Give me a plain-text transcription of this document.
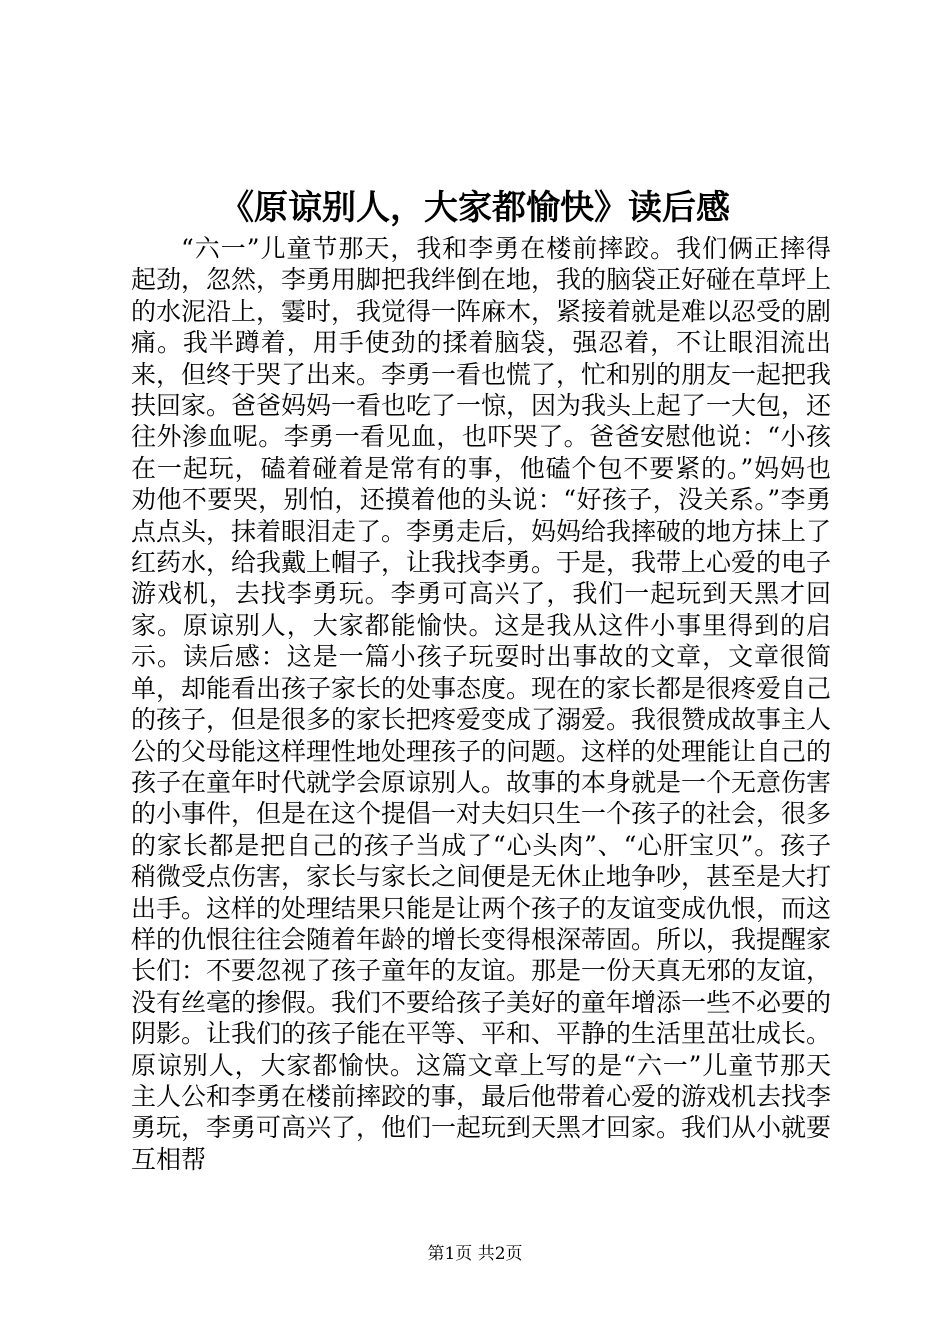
《原谅别人，大家都愉快》读后感

“六一”儿童节那天，我和李勇在楼前摔跤。我们俩正摔得起劲，忽然，李勇用脚把我绊倒在地，我的脑袋正好碰在草坪上的水泥沿上，霎时，我觉得一阵麻木，紧接着就是难以忍受的剧痛。我半蹲着，用手使劲的揉着脑袋，强忍着，不让眼泪流出来，但终于哭了出来。李勇一看也慌了，忙和别的朋友一起把我扶回家。爸爸妈妈一看也吃了一惊，因为我头上起了一大包，还往外渗血呢。李勇一看见血，也吓哭了。爸爸安慰他说：“小孩在一起玩，磕着碰着是常有的事，他磕个包不要紧的。”妈妈也劝他不要哭，别怕，还摸着他的头说：“好孩子，没关系。”李勇点点头，抹着眼泪走了。李勇走后，妈妈给我摔破的地方抹上了红药水，给我戴上帽子，让我找李勇。于是，我带上心爱的电子游戏机，去找李勇玩。李勇可高兴了，我们一起玩到天黑才回家。原谅别人，大家都能愉快。这是我从这件小事里得到的启示。读后感：这是一篇小孩子玩耍时出事故的文章，文章很简单，却能看出孩子家长的处事态度。现在的家长都是很疼爱自己的孩子，但是很多的家长把疼爱变成了溺爱。我很赞成故事主人公的父母能这样理性地处理孩子的问题。这样的处理能让自己的孩子在童年时代就学会原谅别人。故事的本身就是一个无意伤害的小事件，但是在这个提倡一对夫妇只生一个孩子的社会，很多的家长都是把自己的孩子当成了“心头肉”、“心肝宝贝”。孩子稍微受点伤害，家长与家长之间便是无休止地争吵，甚至是大打出手。这样的处理结果只能是让两个孩子的友谊变成仇恨，而这样的仇恨往往会随着年龄的增长变得根深蒂固。所以，我提醒家长们：不要忽视了孩子童年的友谊。那是一份天真无邪的友谊，没有丝毫的掺假。我们不要给孩子美好的童年增添一些不必要的阴影。让我们的孩子能在平等、平和、平静的生活里茁壮成长。原谅别人，大家都愉快。这篇文章上写的是“六一”儿童节那天主人公和李勇在楼前摔跤的事，最后他带着心爱的游戏机去找李勇玩，李勇可高兴了，他们一起玩到天黑才回家。我们从小就要互相帮

第1页 共2页
